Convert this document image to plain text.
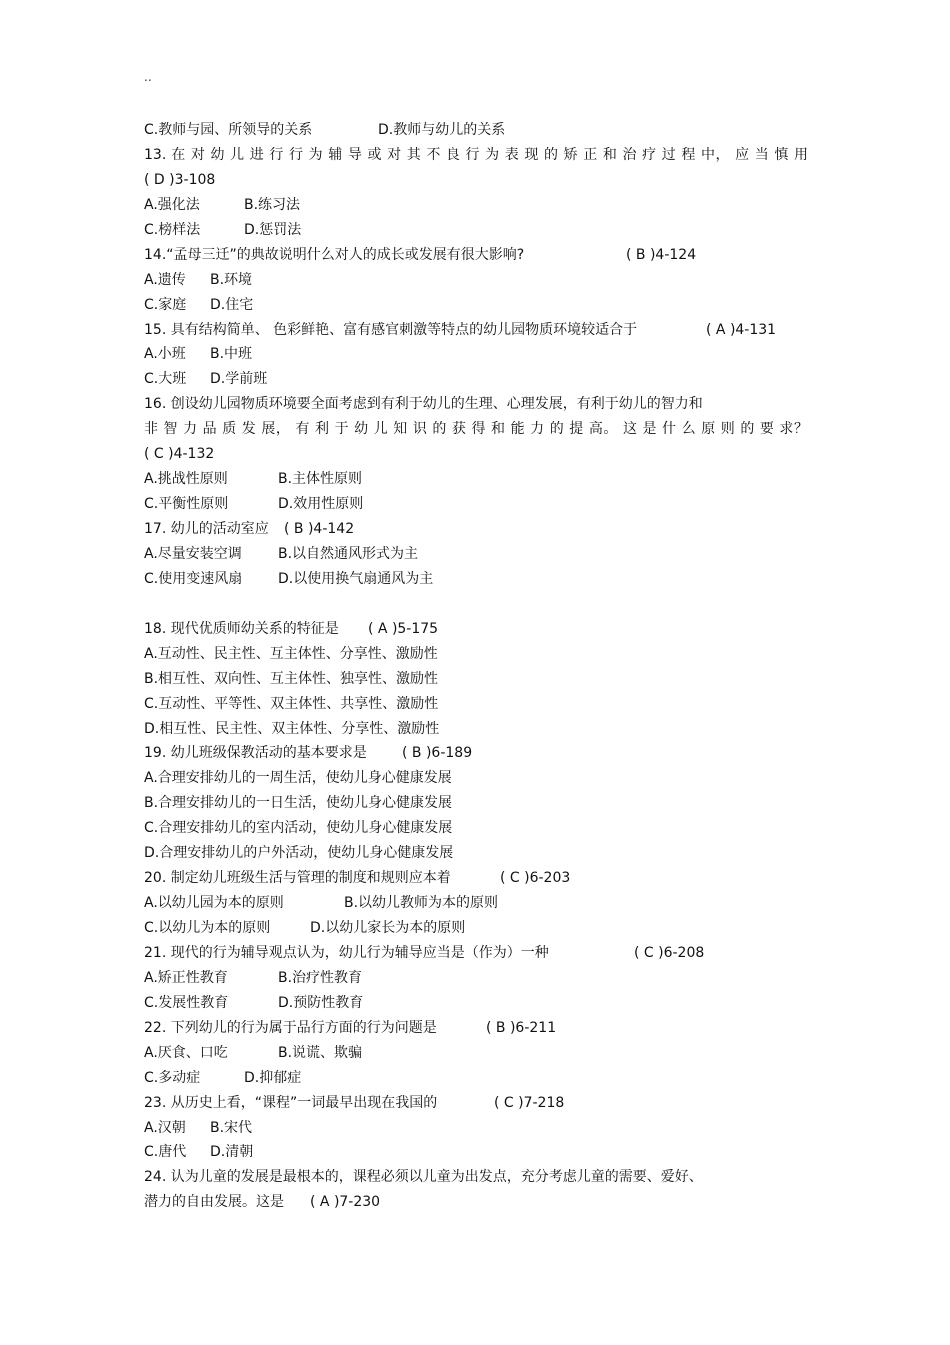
..
C.教师与园、所领导的关系	D.教师与幼儿的关系
13. 在 对 幼 儿 进 行 行 为 辅 导 或 对 其 不 良 行 为 表 现 的 矫 正 和 治 疗 过 程 中， 应 当 慎 用
( D )3-108
A.强化法	B.练习法
C.榜样法	D.惩罚法
14.“孟母三迁”的典故说明什么对人的成长或发展有很大影响?	( B )4-124
A.遗传 B.环境
C.家庭 D.住宅
15. 具有结构简单、 色彩鲜艳、富有感官刺激等特点的幼儿园物质环境较适合于	( A )4-131
A.小班 B.中班
C.大班 D.学前班
16. 创设幼儿园物质环境要全面考虑到有利于幼儿的生理、心理发展，有利于幼儿的智力和
非 智 力 品 质 发 展， 有 利 于 幼 儿 知 识 的 获 得 和 能 力 的 提 高。 这 是 什 么 原 则 的 要 求？
( C )4-132
A.挑战性原则	B.主体性原则
C.平衡性原则	D.效用性原则
17. 幼儿的活动室应 ( B )4-142
A.尽量安装空调	B.以自然通风形式为主
C.使用变速风扇	D.以使用换气扇通风为主
18. 现代优质师幼关系的特征是 ( A )5-175
A.互动性、民主性、互主体性、分享性、激励性
B.相互性、双向性、互主体性、独享性、激励性
C.互动性、平等性、双主体性、共享性、激励性
D.相互性、民主性、双主体性、分享性、激励性
19. 幼儿班级保教活动的基本要求是	( B )6-189
A.合理安排幼儿的一周生活，使幼儿身心健康发展
B.合理安排幼儿的一日生活，使幼儿身心健康发展
C.合理安排幼儿的室内活动，使幼儿身心健康发展
D.合理安排幼儿的户外活动，使幼儿身心健康发展
20. 制定幼儿班级生活与管理的制度和规则应本着	( C )6-203
A.以幼儿园为本的原则	B.以幼儿教师为本的原则
C.以幼儿为本的原则	D.以幼儿家长为本的原则
21. 现代的行为辅导观点认为，幼儿行为辅导应当是（作为）一种	( C )6-208
A.矫正性教育	B.治疗性教育
C.发展性教育	D.预防性教育
22. 下列幼儿的行为属于品行方面的行为问题是	( B )6-211
A.厌食、口吃	B.说谎、欺骗
C.多动症	D.抑郁症
23. 从历史上看，“课程”一词最早出现在我国的	( C )7-218
A.汉朝 B.宋代
C.唐代 D.清朝
24. 认为儿童的发展是最根本的，课程必须以儿童为出发点，充分考虑儿童的需要、爱好、
潜力的自由发展。这是 ( A )7-230
